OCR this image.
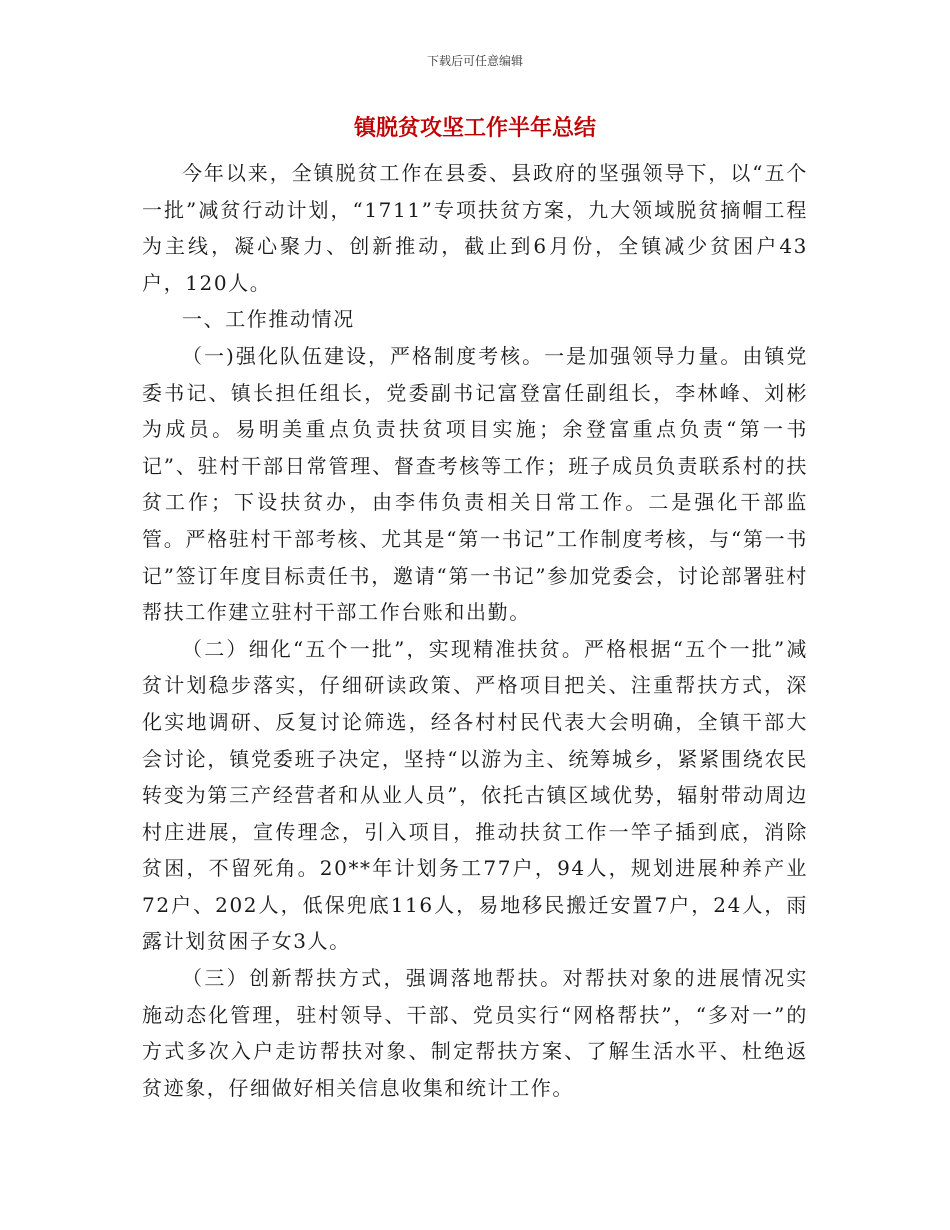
下载后可任意编辑
镇脱贫攻坚工作半年总结

今年以来，全镇脱贫工作在县委、县政府的坚强领导下，以“五个一批”减贫行动计划，“1711”专项扶贫方案，九大领域脱贫摘帽工程为主线，凝心聚力、创新推动，截止到6月份，全镇减少贫困户43户，120人。

一、工作推动情况

（一)强化队伍建设，严格制度考核。一是加强领导力量。由镇党委书记、镇长担任组长，党委副书记富登富任副组长，李林峰、刘彬为成员。易明美重点负责扶贫项目实施；余登富重点负责“第一书记”、驻村干部日常管理、督查考核等工作；班子成员负责联系村的扶贫工作；下设扶贫办，由李伟负责相关日常工作。二是强化干部监管。严格驻村干部考核、尤其是“第一书记”工作制度考核，与“第一书记”签订年度目标责任书，邀请“第一书记”参加党委会，讨论部署驻村帮扶工作建立驻村干部工作台账和出勤。

（二）细化“五个一批”，实现精准扶贫。严格根据“五个一批”减贫计划稳步落实，仔细研读政策、严格项目把关、注重帮扶方式，深化实地调研、反复讨论筛选，经各村村民代表大会明确，全镇干部大会讨论，镇党委班子决定，坚持“以游为主、统筹城乡，紧紧围绕农民转变为第三产经营者和从业人员”，依托古镇区域优势，辐射带动周边村庄进展，宣传理念，引入项目，推动扶贫工作一竿子插到底，消除贫困，不留死角。20**年计划务工77户，94人，规划进展种养产业72户、202人，低保兜底116人，易地移民搬迁安置7户，24人，雨露计划贫困子女3人。

（三）创新帮扶方式，强调落地帮扶。对帮扶对象的进展情况实施动态化管理，驻村领导、干部、党员实行“网格帮扶”，“多对一”的方式多次入户走访帮扶对象、制定帮扶方案、了解生活水平、杜绝返贫迹象，仔细做好相关信息收集和统计工作。
